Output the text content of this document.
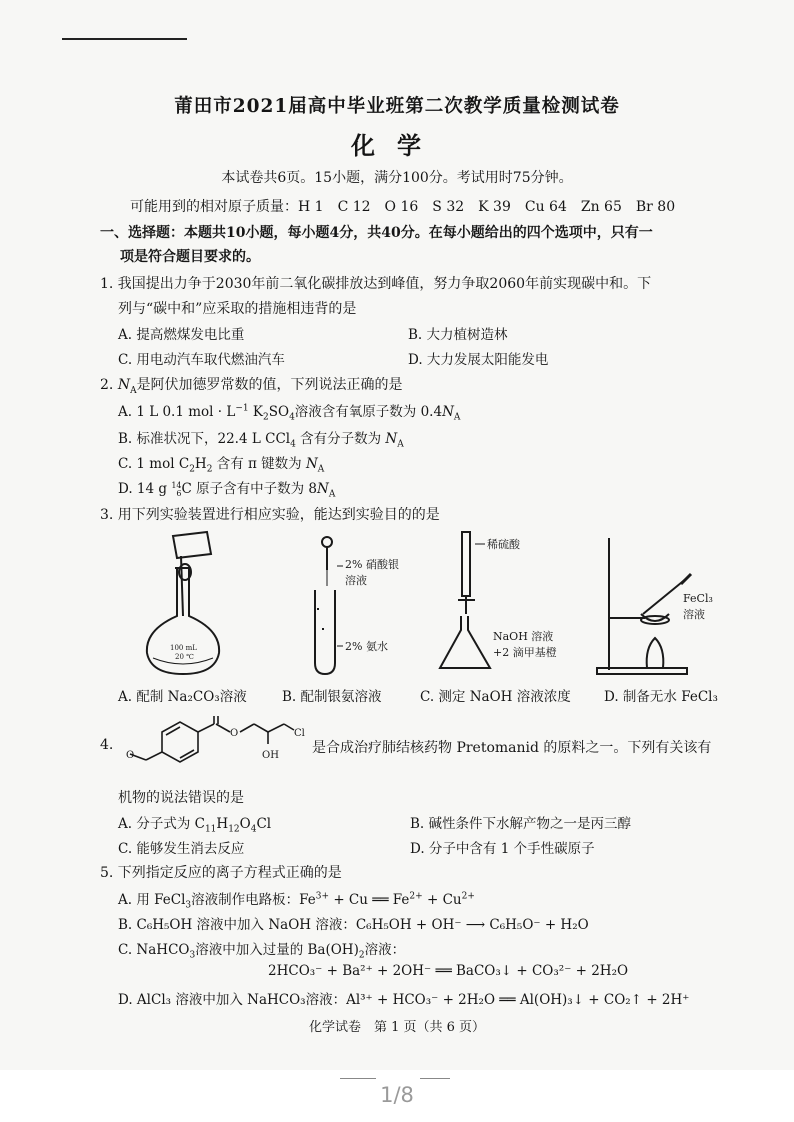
莆田市2021届高中毕业班第二次教学质量检测试卷
化学
本试卷共6页。15小题，满分100分。考试用时75分钟。
可能用到的相对原子质量：H 1　C 12　O 16　S 32　K 39　Cu 64　Zn 65　Br 80
一、选择题：本题共10小题，每小题4分，共40分。在每小题给出的四个选项中，只有一
项是符合题目要求的。
1. 我国提出力争于2030年前二氧化碳排放达到峰值，努力争取2060年前实现碳中和。下
列与“碳中和”应采取的措施相违背的是
A. 提高燃煤发电比重	B. 大力植树造林
C. 用电动汽车取代燃油汽车	D. 大力发展太阳能发电
2. $N_A$是阿伏加德罗常数的值，下列说法正确的是
A. 1 L 0.1 mol · $L^{-1}$ $K_2SO_4$溶液含有氧原子数为 $0.4N_A$
B. 标准状况下，22.4 L CCl$_4$ 含有分子数为 $N_A$
C. 1 mol $C_2H_2$ 含有 π 键数为 $N_A$
D. 14 g 14
6C 原子含有中子数为 $8N_A$
3. 用下列实验装置进行相应实验，能达到实验目的的是
100 mL
20 ℃
2% 硝酸银
溶液
2% 氨水
稀硫酸
NaOH 溶液
+2 滴甲基橙
FeCl₃
溶液
A. 配制 Na₂CO₃溶液	B. 配制银氨溶液	C. 测定 NaOH 溶液浓度 D. 制备无水 FeCl₃
4.
O
O
OH
Cl
是合成治疗肺结核药物 Pretomanid 的原料之一。下列有关该有
机物的说法错误的是
A. 分子式为 $C_{11}H_{12}O_4Cl$	B. 碱性条件下水解产物之一是丙三醇
C. 能够发生消去反应	D. 分子中含有 1 个手性碳原子
5. 下列指定反应的离子方程式正确的是
A. 用 FeCl$_3$溶液制作电路板：$Fe^{3+} + Cu$ ══ $Fe^{2+} + Cu^{2+}$
B. C₆H₅OH 溶液中加入 NaOH 溶液：C₆H₅OH + OH⁻ ⟶ C₆H₅O⁻ + H₂O
C. NaHCO$_3$溶液中加入过量的 $Ba(OH)_2$溶液：
2HCO₃⁻ + Ba²⁺ + 2OH⁻ ══ BaCO₃↓ + CO₃²⁻ + 2H₂O
D. AlCl₃ 溶液中加入 NaHCO₃溶液：Al³⁺ + HCO₃⁻ + 2H₂O ══ Al(OH)₃↓ + CO₂↑ + 2H⁺
化学试卷　第 1 页（共 6 页）
1/8
